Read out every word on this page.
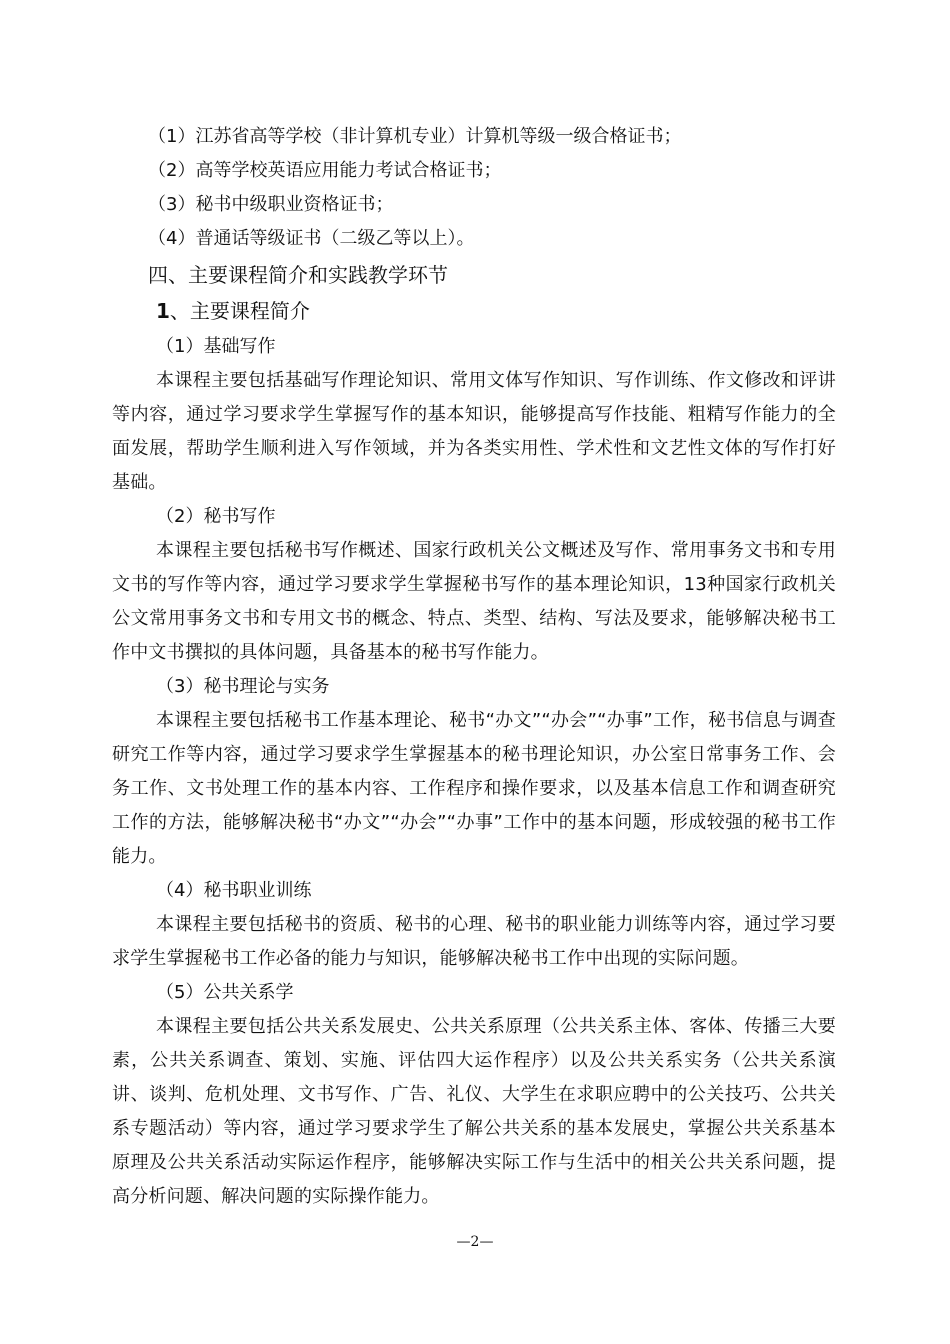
（1）江苏省高等学校（非计算机专业）计算机等级一级合格证书；
（2）高等学校英语应用能力考试合格证书；
（3）秘书中级职业资格证书；
（4）普通话等级证书（二级乙等以上）。
四、主要课程简介和实践教学环节
1、主要课程简介
（1）基础写作
本课程主要包括基础写作理论知识、常用文体写作知识、写作训练、作文修改和评讲等内容，通过学习要求学生掌握写作的基本知识，能够提高写作技能、粗精写作能力的全面发展，帮助学生顺利进入写作领域，并为各类实用性、学术性和文艺性文体的写作打好基础。
（2）秘书写作
本课程主要包括秘书写作概述、国家行政机关公文概述及写作、常用事务文书和专用文书的写作等内容，通过学习要求学生掌握秘书写作的基本理论知识，13种国家行政机关公文常用事务文书和专用文书的概念、特点、类型、结构、写法及要求，能够解决秘书工作中文书撰拟的具体问题，具备基本的秘书写作能力。
（3）秘书理论与实务
本课程主要包括秘书工作基本理论、秘书“办文”“办会”“办事”工作，秘书信息与调查研究工作等内容，通过学习要求学生掌握基本的秘书理论知识，办公室日常事务工作、会务工作、文书处理工作的基本内容、工作程序和操作要求，以及基本信息工作和调查研究工作的方法，能够解决秘书“办文”“办会”“办事”工作中的基本问题，形成较强的秘书工作能力。
（4）秘书职业训练
本课程主要包括秘书的资质、秘书的心理、秘书的职业能力训练等内容，通过学习要求学生掌握秘书工作必备的能力与知识，能够解决秘书工作中出现的实际问题。
（5）公共关系学
本课程主要包括公共关系发展史、公共关系原理（公共关系主体、客体、传播三大要素，公共关系调查、策划、实施、评估四大运作程序）以及公共关系实务（公共关系演讲、谈判、危机处理、文书写作、广告、礼仪、大学生在求职应聘中的公关技巧、公共关系专题活动）等内容，通过学习要求学生了解公共关系的基本发展史，掌握公共关系基本原理及公共关系活动实际运作程序，能够解决实际工作与生活中的相关公共关系问题，提高分析问题、解决问题的实际操作能力。
—2—
